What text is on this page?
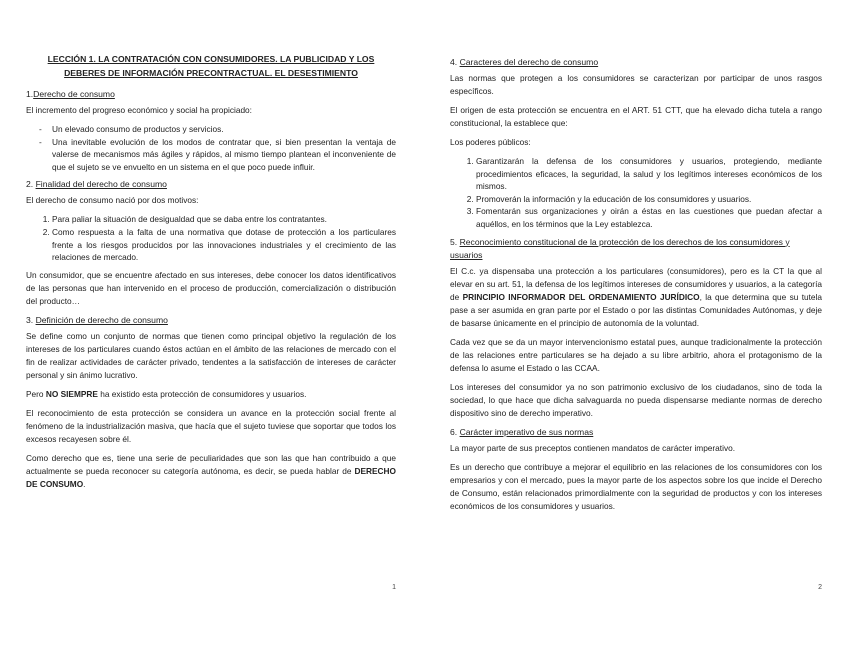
LECCIÓN 1. LA CONTRATACIÓN CON CONSUMIDORES. LA PUBLICIDAD Y LOS DEBERES DE INFORMACIÓN PRECONTRACTUAL. EL DESESTIMIENTO
1.Derecho de consumo

El incremento del progreso económico y social ha propiciado:

- Un elevado consumo de productos y servicios.
- Una inevitable evolución de los modos de contratar que, si bien presentan la ventaja de valerse de mecanismos más ágiles y rápidos, al mismo tiempo plantean el inconveniente de que el sujeto se ve envuelto en un sistema en el que poco puede influir.
2. Finalidad del derecho de consumo

El derecho de consumo nació por dos motivos:

1. Para paliar la situación de desigualdad que se daba entre los contratantes.
2. Como respuesta a la falta de una normativa que dotase de protección a los particulares frente a los riesgos producidos por las innovaciones industriales y el crecimiento de las relaciones de mercado.

Un consumidor, que se encuentre afectado en sus intereses, debe conocer los datos identificativos de las personas que han intervenido en el proceso de producción, comercialización o distribución del producto…

3. Definición de derecho de consumo

Se define como un conjunto de normas que tienen como principal objetivo la regulación de los intereses de los particulares cuando éstos actúan en el ámbito de las relaciones de mercado con el fin de realizar actividades de carácter privado, tendentes a la satisfacción de intereses de carácter personal y sin ánimo lucrativo.

Pero NO SIEMPRE ha existido esta protección de consumidores y usuarios.

El reconocimiento de esta protección se considera un avance en la protección social frente al fenómeno de la industrialización masiva, que hacía que el sujeto tuviese que soportar que todos los excesos recayesen sobre él.

Como derecho que es, tiene una serie de peculiaridades que son las que han contribuido a que actualmente se pueda reconocer su categoría autónoma, es decir, se pueda hablar de DERECHO DE CONSUMO.

1
4. Caracteres del derecho de consumo

Las normas que protegen a los consumidores se caracterizan por participar de unos rasgos específicos.

El origen de esta protección se encuentra en el ART. 51 CTT, que ha elevado dicha tutela a rango constitucional, la establece que:

Los poderes públicos:

1. Garantizarán la defensa de los consumidores y usuarios, protegiendo, mediante procedimientos eficaces, la seguridad, la salud y los legítimos intereses económicos de los mismos.
2. Promoverán la información y la educación de los consumidores y usuarios.
3. Fomentarán sus organizaciones y oirán a éstas en las cuestiones que puedan afectar a aquéllos, en los términos que la Ley establezca.
5. Reconocimiento constitucional de la protección de los derechos de los consumidores y usuarios

El C.c. ya dispensaba una protección a los particulares (consumidores), pero es la CT la que al elevar en su art. 51, la defensa de los legítimos intereses de consumidores y usuarios, a la categoría de PRINCIPIO INFORMADOR DEL ORDENAMIENTO JURÍDICO, la que determina que su tutela pase a ser asumida en gran parte por el Estado o por las distintas Comunidades Autónomas, y deje de basarse únicamente en el principio de autonomía de la voluntad.

Cada vez que se da un mayor intervencionismo estatal pues, aunque tradicionalmente la protección de las relaciones entre particulares se ha dejado a su libre arbitrio, ahora el protagonismo de la defensa lo asume el Estado o las CCAA.

Los intereses del consumidor ya no son patrimonio exclusivo de los ciudadanos, sino de toda la sociedad, lo que hace que dicha salvaguarda no pueda dispensarse mediante normas de derecho dispositivo sino de derecho imperativo.

6. Carácter imperativo de sus normas

La mayor parte de sus preceptos contienen mandatos de carácter imperativo.

Es un derecho que contribuye a mejorar el equilibrio en las relaciones de los consumidores con los empresarios y con el mercado, pues la mayor parte de los aspectos sobre los que incide el Derecho de Consumo, están relacionados primordialmente con la seguridad de productos y con los intereses económicos de los consumidores y usuarios.

2
